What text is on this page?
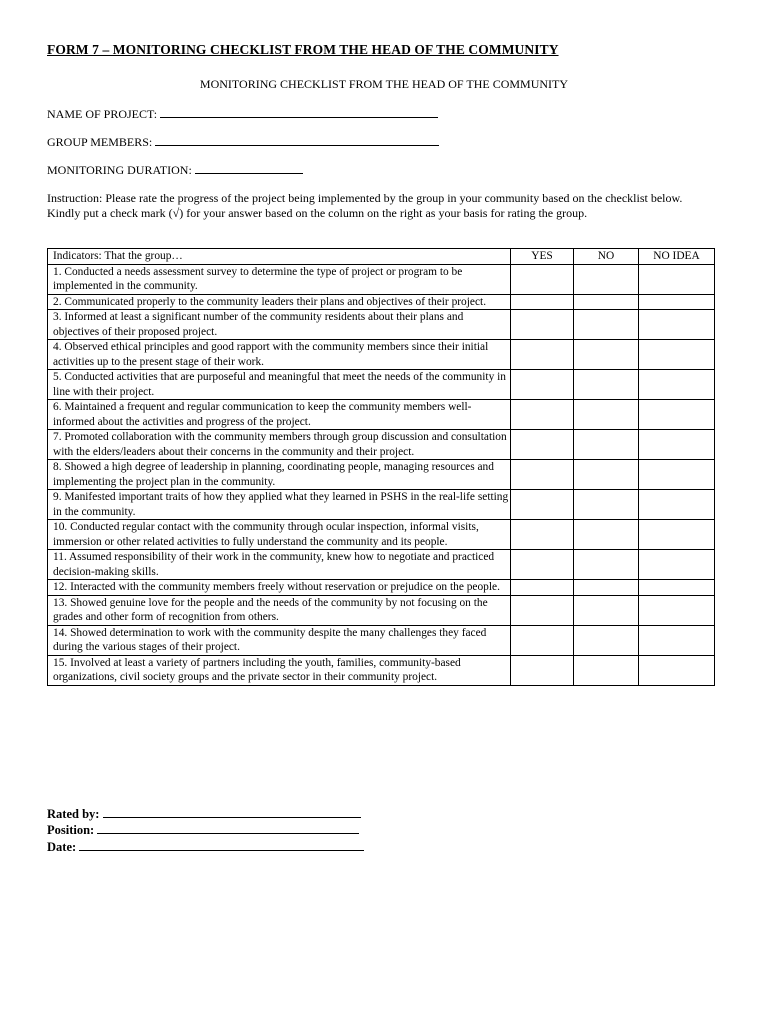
FORM 7 – MONITORING CHECKLIST FROM THE HEAD OF THE COMMUNITY
MONITORING CHECKLIST FROM THE HEAD OF THE COMMUNITY
NAME OF PROJECT:
GROUP MEMBERS:
MONITORING DURATION:
Instruction: Please rate the progress of the project being implemented by the group in your community based on the checklist below. Kindly put a check mark (√) for your answer based on the column on the right as your basis for rating the group.
Indicators: That the group…	YES	NO	NO IDEA

1. Conducted a needs assessment survey to determine the type of project or program to be implemented in the community.			

2. Communicated properly to the community leaders their plans and objectives of their project.			

3. Informed at least a significant number of the community residents about their plans and objectives of their proposed project.			

4. Observed ethical principles and good rapport with the community members since their initial activities up to the present stage of their work.			

5. Conducted activities that are purposeful and meaningful that meet the needs of the community in line with their project.			

6. Maintained a frequent and regular communication to keep the community members well-informed about the activities and progress of the project.			

7. Promoted collaboration with the community members through group discussion and consultation with the elders/leaders about their concerns in the community and their project.			

8. Showed a high degree of leadership in planning, coordinating people, managing resources and implementing the project plan in the community.			

9. Manifested important traits of how they applied what they learned in PSHS in the real-life setting in the community.			

10. Conducted regular contact with the community through ocular inspection, informal visits, immersion or other related activities to fully understand the community and its people.			

11. Assumed responsibility of their work in the community, knew how to negotiate and practiced decision-making skills.			

12. Interacted with the community members freely without reservation or prejudice on the people.			

13. Showed genuine love for the people and the needs of the community by not focusing on the grades and other form of recognition from others.			

14. Showed determination to work with the community despite the many challenges they faced during the various stages of their project.			

15. Involved at least a variety of partners including the youth, families, community-based organizations, civil society groups and the private sector in their community project.			

Rated by:
Position:
Date:
